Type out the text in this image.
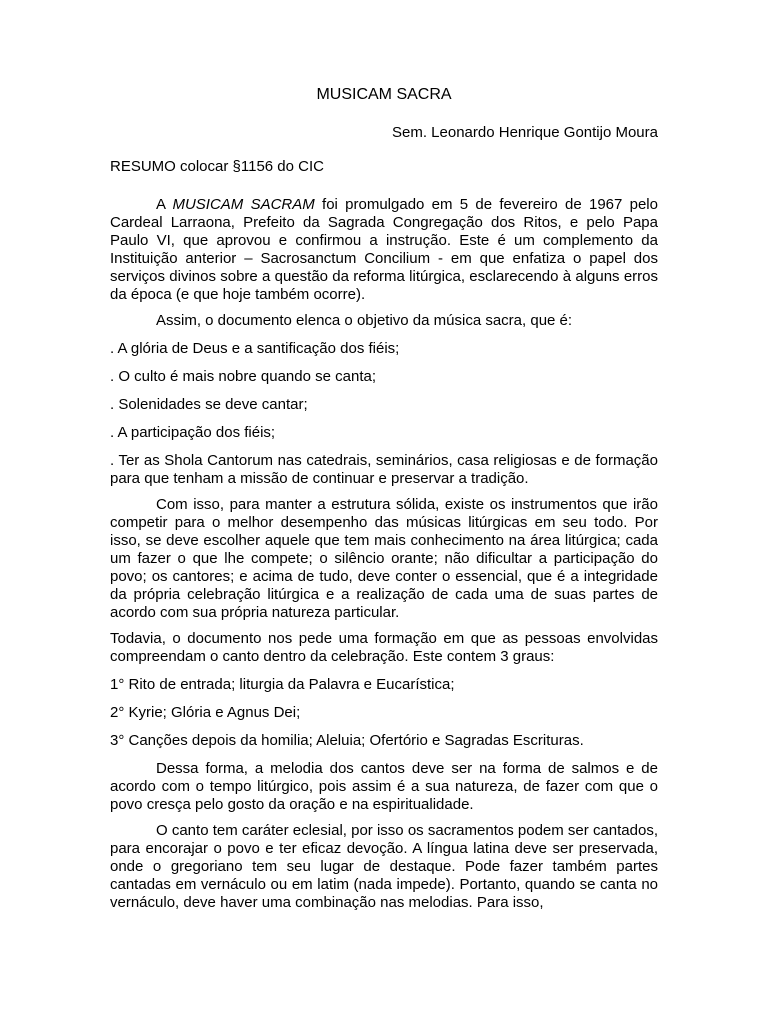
MUSICAM SACRA

Sem. Leonardo Henrique Gontijo Moura

RESUMO colocar §1156 do CIC

A MUSICAM SACRAM foi promulgado em 5 de fevereiro de 1967 pelo Cardeal Larraona, Prefeito da Sagrada Congregação dos Ritos, e pelo Papa Paulo VI, que aprovou e confirmou a instrução. Este é um complemento da Instituição anterior – Sacrosanctum Concilium - em que enfatiza o papel dos serviços divinos sobre a questão da reforma litúrgica, esclarecendo à alguns erros da época (e que hoje também ocorre).

Assim, o documento elenca o objetivo da música sacra, que é:

. A glória de Deus e a santificação dos fiéis;

. O culto é mais nobre quando se canta;

. Solenidades se deve cantar;

. A participação dos fiéis;

. Ter as Shola Cantorum nas catedrais, seminários, casa religiosas e de formação para que tenham a missão de continuar e preservar a tradição.

Com isso, para manter a estrutura sólida, existe os instrumentos que irão competir para o melhor desempenho das músicas litúrgicas em seu todo. Por isso, se deve escolher aquele que tem mais conhecimento na área litúrgica; cada um fazer o que lhe compete; o silêncio orante; não dificultar a participação do povo; os cantores; e acima de tudo, deve conter o essencial, que é a integridade da própria celebração litúrgica e a realização de cada uma de suas partes de acordo com sua própria natureza particular.

Todavia, o documento nos pede uma formação em que as pessoas envolvidas compreendam o canto dentro da celebração. Este contem 3 graus:

1° Rito de entrada; liturgia da Palavra e Eucarística;

2° Kyrie; Glória e Agnus Dei;

3° Canções depois da homilia; Aleluia; Ofertório e Sagradas Escrituras.

Dessa forma, a melodia dos cantos deve ser na forma de salmos e de acordo com o tempo litúrgico, pois assim é a sua natureza, de fazer com que o povo cresça pelo gosto da oração e na espiritualidade.

O canto tem caráter eclesial, por isso os sacramentos podem ser cantados, para encorajar o povo e ter eficaz devoção. A língua latina deve ser preservada, onde o gregoriano tem seu lugar de destaque. Pode fazer também partes cantadas em vernáculo ou em latim (nada impede). Portanto, quando se canta no vernáculo, deve haver uma combinação nas melodias. Para isso,
